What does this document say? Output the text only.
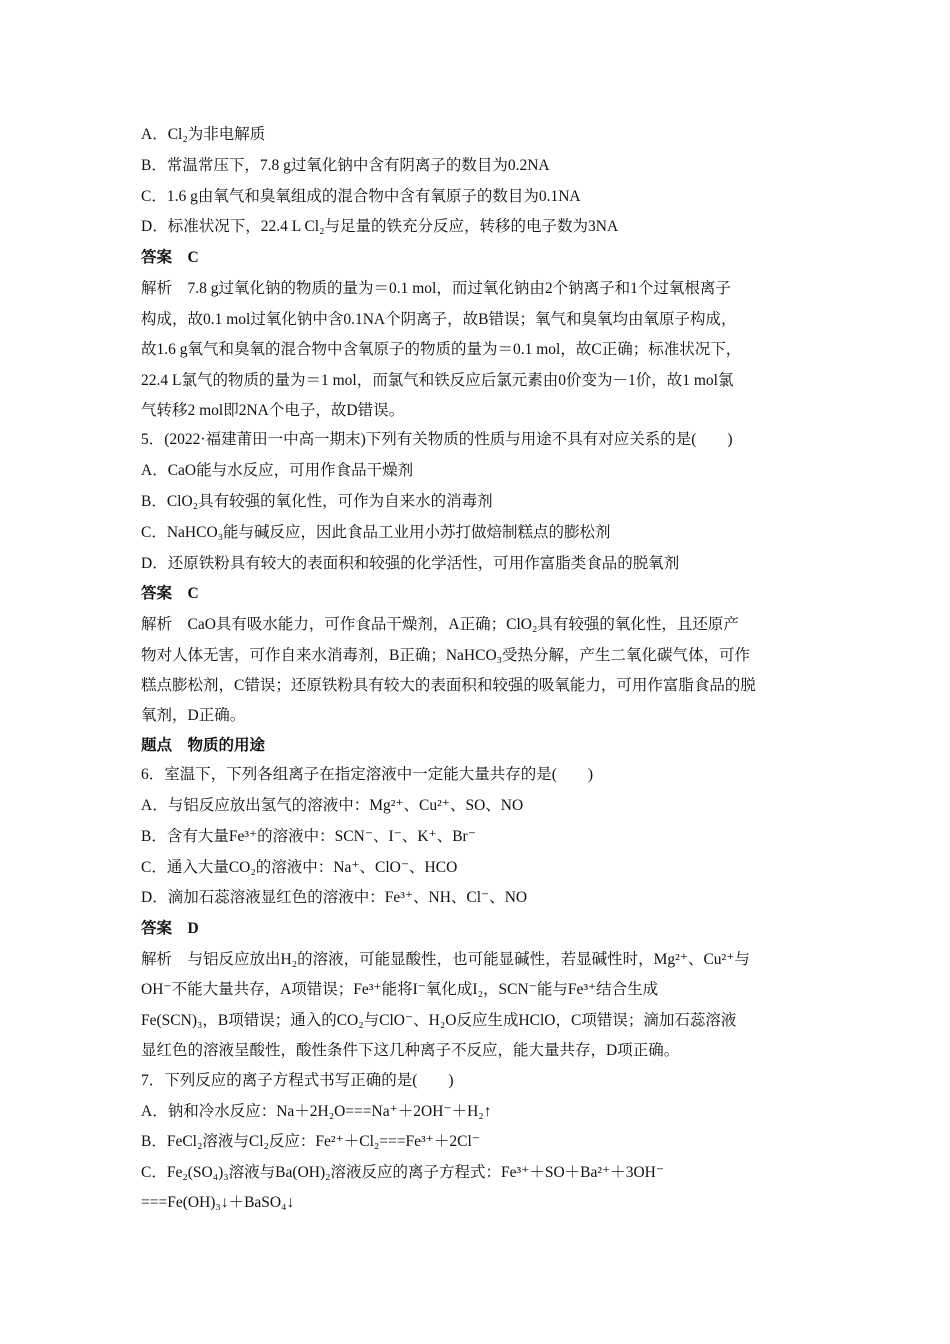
A．Cl₂为非电解质
B．常温常压下，7.8 g过氧化钠中含有阴离子的数目为0.2NA
C．1.6 g由氧气和臭氧组成的混合物中含有氧原子的数目为0.1NA
D．标准状况下，22.4 L Cl₂与足量的铁充分反应，转移的电子数为3NA
答案　C
解析　7.8 g过氧化钠的物质的量为＝0.1 mol，而过氧化钠由2个钠离子和1个过氧根离子
构成，故0.1 mol过氧化钠中含0.1NA个阴离子，故B错误；氧气和臭氧均由氧原子构成，
故1.6 g氧气和臭氧的混合物中含氧原子的物质的量为＝0.1 mol，故C正确；标准状况下，
22.4 L氯气的物质的量为＝1 mol，而氯气和铁反应后氯元素由0价变为－1价，故1 mol氯
气转移2 mol即2NA个电子，故D错误。
5．(2022·福建莆田一中高一期末)下列有关物质的性质与用途不具有对应关系的是(　　)
A．CaO能与水反应，可用作食品干燥剂
B．ClO₂具有较强的氧化性，可作为自来水的消毒剂
C．NaHCO₃能与碱反应，因此食品工业用小苏打做焙制糕点的膨松剂
D．还原铁粉具有较大的表面积和较强的化学活性，可用作富脂类食品的脱氧剂
答案　C
解析　CaO具有吸水能力，可作食品干燥剂，A正确；ClO₂具有较强的氧化性，且还原产
物对人体无害，可作自来水消毒剂，B正确；NaHCO₃受热分解，产生二氧化碳气体，可作
糕点膨松剂，C错误；还原铁粉具有较大的表面积和较强的吸氧能力，可用作富脂食品的脱
氧剂，D正确。
题点　物质的用途
6．室温下，下列各组离子在指定溶液中一定能大量共存的是(　　)
A．与铝反应放出氢气的溶液中：Mg²⁺、Cu²⁺、SO、NO
B．含有大量Fe³⁺的溶液中：SCN⁻、I⁻、K⁺、Br⁻
C．通入大量CO₂的溶液中：Na⁺、ClO⁻、HCO
D．滴加石蕊溶液显红色的溶液中：Fe³⁺、NH、Cl⁻、NO
答案　D
解析　与铝反应放出H₂的溶液，可能显酸性，也可能显碱性，若显碱性时，Mg²⁺、Cu²⁺与
OH⁻不能大量共存，A项错误；Fe³⁺能将I⁻氧化成I₂，SCN⁻能与Fe³⁺结合生成
Fe(SCN)₃，B项错误；通入的CO₂与ClO⁻、H₂O反应生成HClO，C项错误；滴加石蕊溶液
显红色的溶液呈酸性，酸性条件下这几种离子不反应，能大量共存，D项正确。
7．下列反应的离子方程式书写正确的是(　　)
A．钠和冷水反应：Na＋2H₂O===Na⁺＋2OH⁻＋H₂↑
B．FeCl₂溶液与Cl₂反应：Fe²⁺＋Cl₂===Fe³⁺＋2Cl⁻
C．Fe₂(SO₄)₃溶液与Ba(OH)₂溶液反应的离子方程式：Fe³⁺＋SO＋Ba²⁺＋3OH⁻
===Fe(OH)₃↓＋BaSO₄↓
